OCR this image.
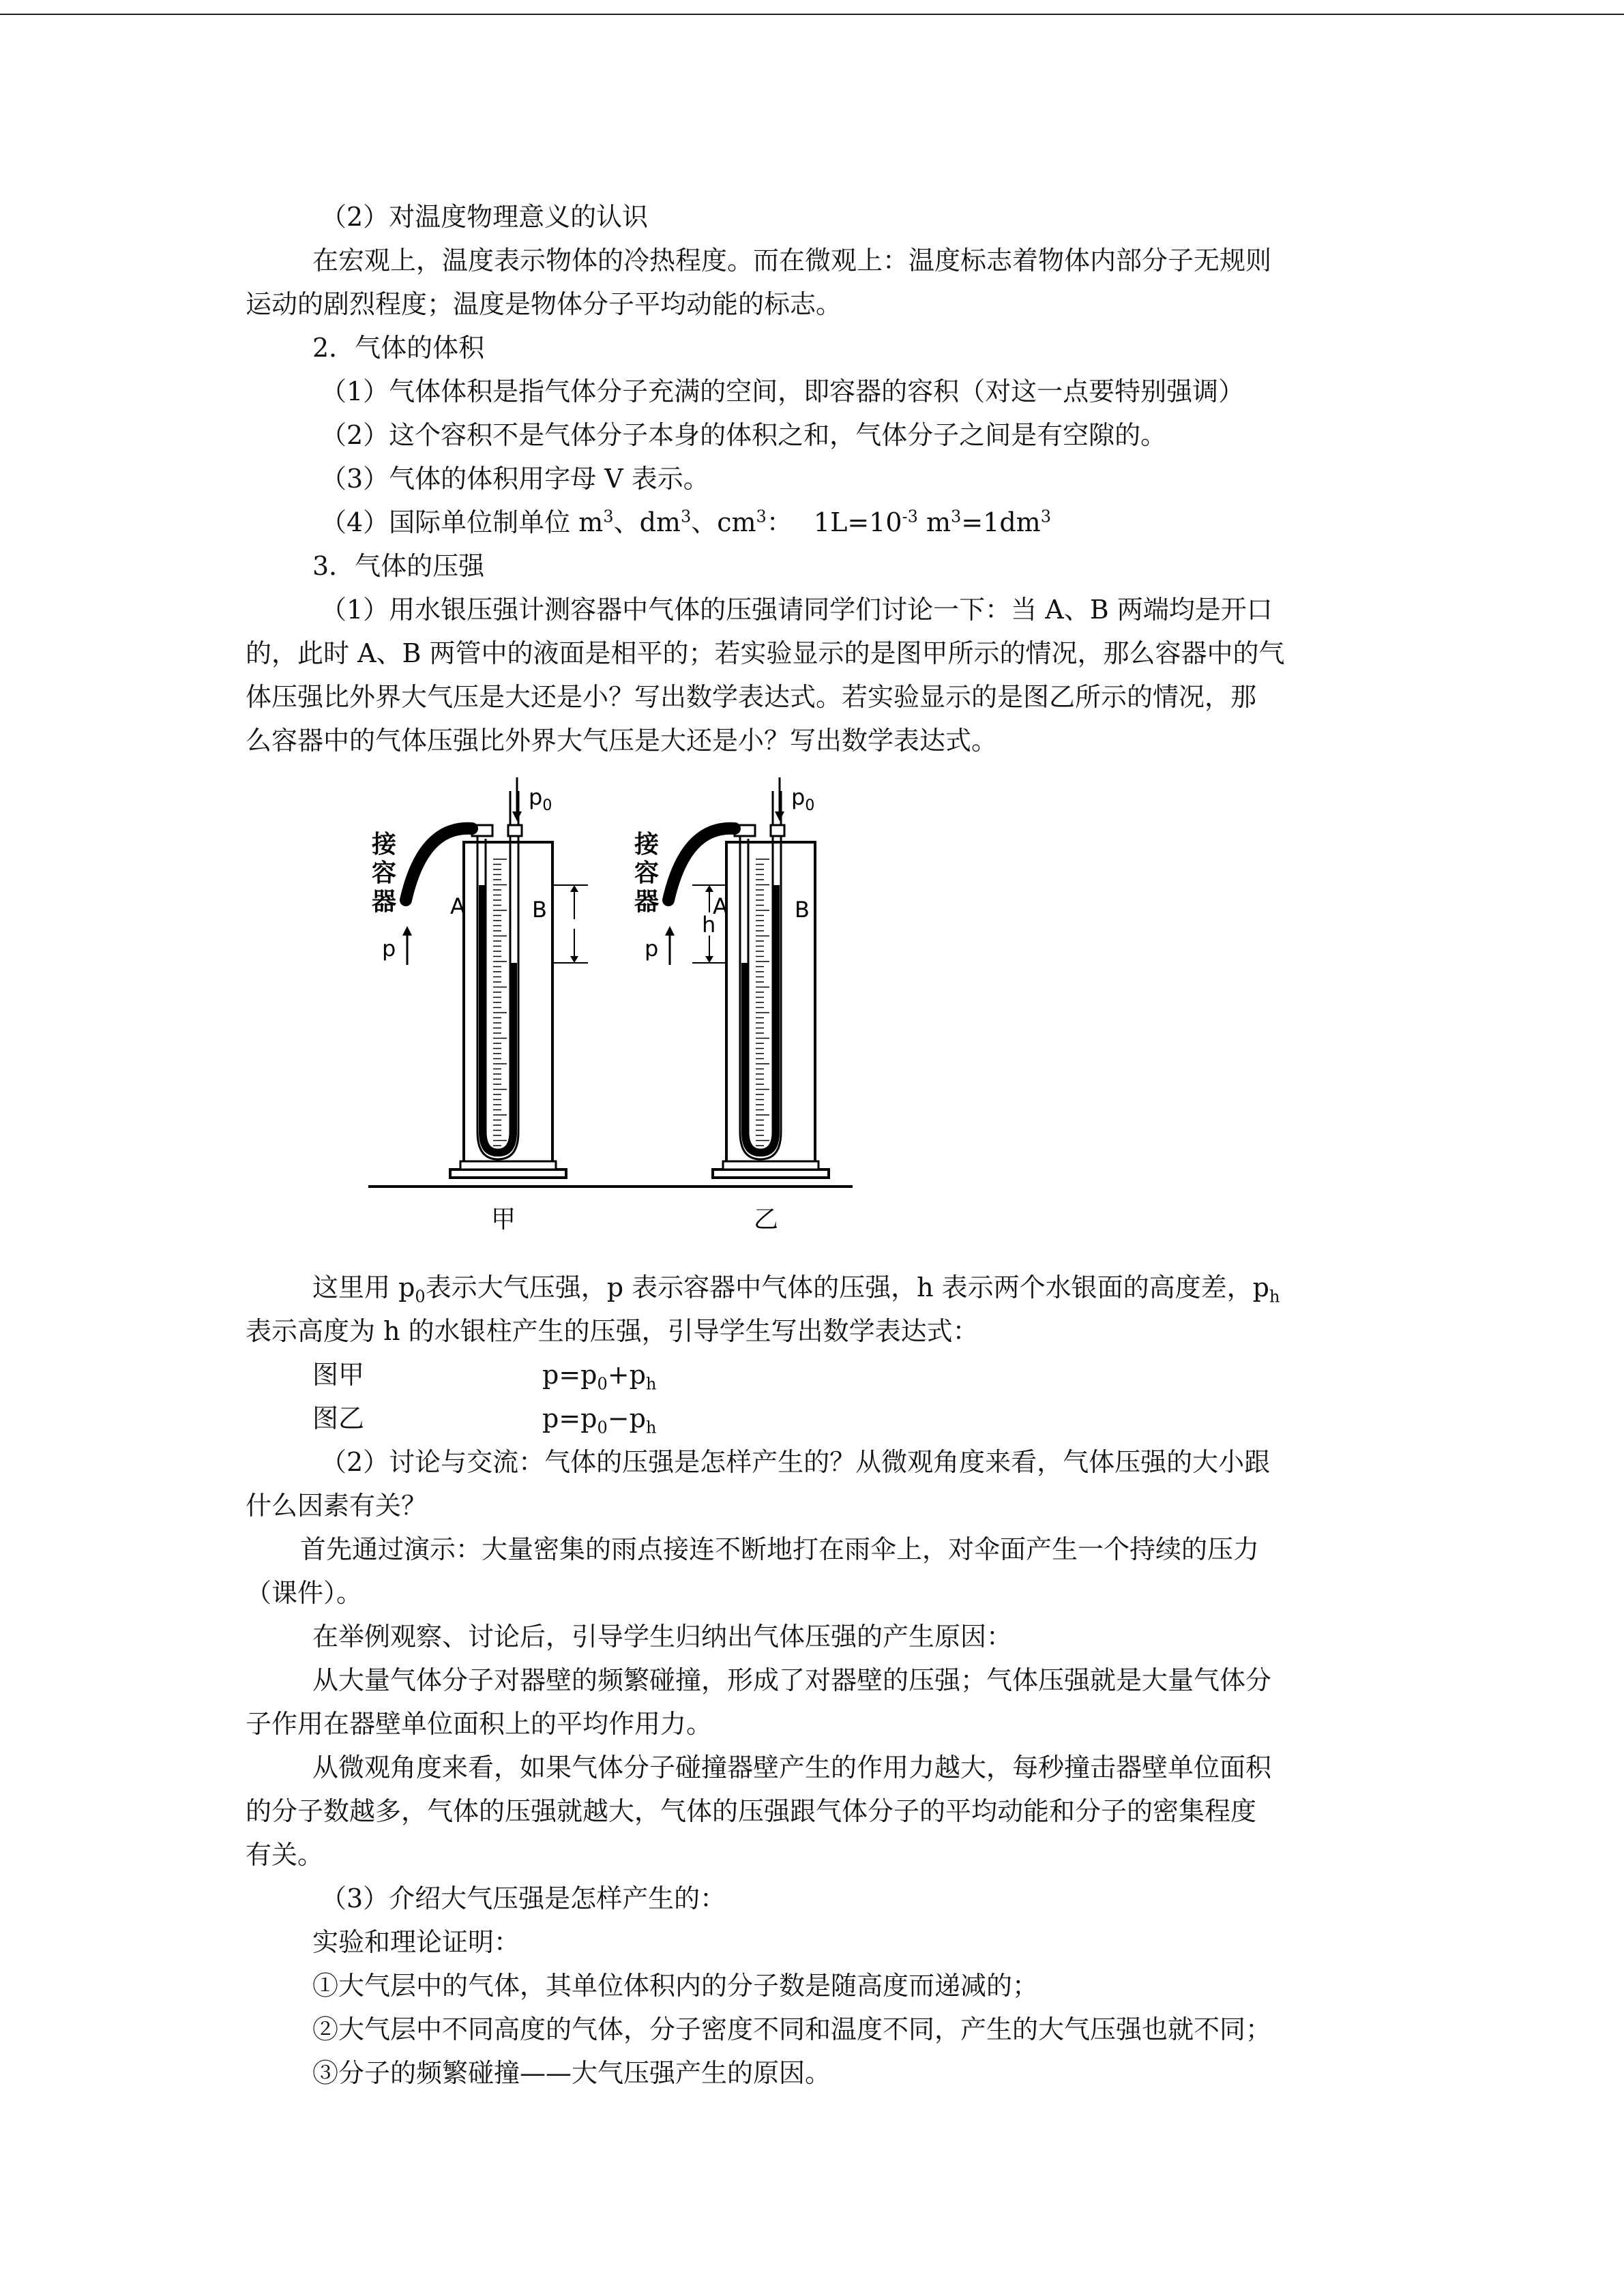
（2）对温度物理意义的认识
在宏观上，温度表示物体的冷热程度。而在微观上：温度标志着物体内部分子无规则
运动的剧烈程度；温度是物体分子平均动能的标志。
2．气体的体积
（1）气体体积是指气体分子充满的空间，即容器的容积（对这一点要特别强调）
（2）这个容积不是气体分子本身的体积之和，气体分子之间是有空隙的。
（3）气体的体积用字母 V 表示。
（4）国际单位制单位 $m^3$、$dm^3$、$cm^3$：　 $1L=10^{-3}$ $m^3=1dm^3$
3．气体的压强
（1）用水银压强计测容器中气体的压强请同学们讨论一下：当 A、B 两端均是开口
的，此时 A、B 两管中的液面是相平的；若实验显示的是图甲所示的情况，那么容器中的气
体压强比外界大气压是大还是小？写出数学表达式。若实验显示的是图乙所示的情况，那
么容器中的气体压强比外界大气压是大还是小？写出数学表达式。
接
容
器 A	B
p
$p_0$
甲
接
容
器 A	B
p
$p_0$
h
乙
这里用 $p_0$表示大气压强，p 表示容器中气体的压强，h 表示两个水银面的高度差，$p_h$
表示高度为 h 的水银柱产生的压强，引导学生写出数学表达式：
图甲	$p=p_0+p_h$
图乙	$p=p_0-p_h$
（2）讨论与交流：气体的压强是怎样产生的？从微观角度来看，气体压强的大小跟
什么因素有关？
首先通过演示：大量密集的雨点接连不断地打在雨伞上，对伞面产生一个持续的压力
（课件）。
在举例观察、讨论后，引导学生归纳出气体压强的产生原因：
从大量气体分子对器壁的频繁碰撞，形成了对器壁的压强；气体压强就是大量气体分
子作用在器壁单位面积上的平均作用力。
从微观角度来看，如果气体分子碰撞器壁产生的作用力越大，每秒撞击器壁单位面积
的分子数越多，气体的压强就越大，气体的压强跟气体分子的平均动能和分子的密集程度
有关。
（3）介绍大气压强是怎样产生的：
实验和理论证明：
①大气层中的气体，其单位体积内的分子数是随高度而递减的；
②大气层中不同高度的气体，分子密度不同和温度不同，产生的大气压强也就不同；
③分子的频繁碰撞——大气压强产生的原因。
